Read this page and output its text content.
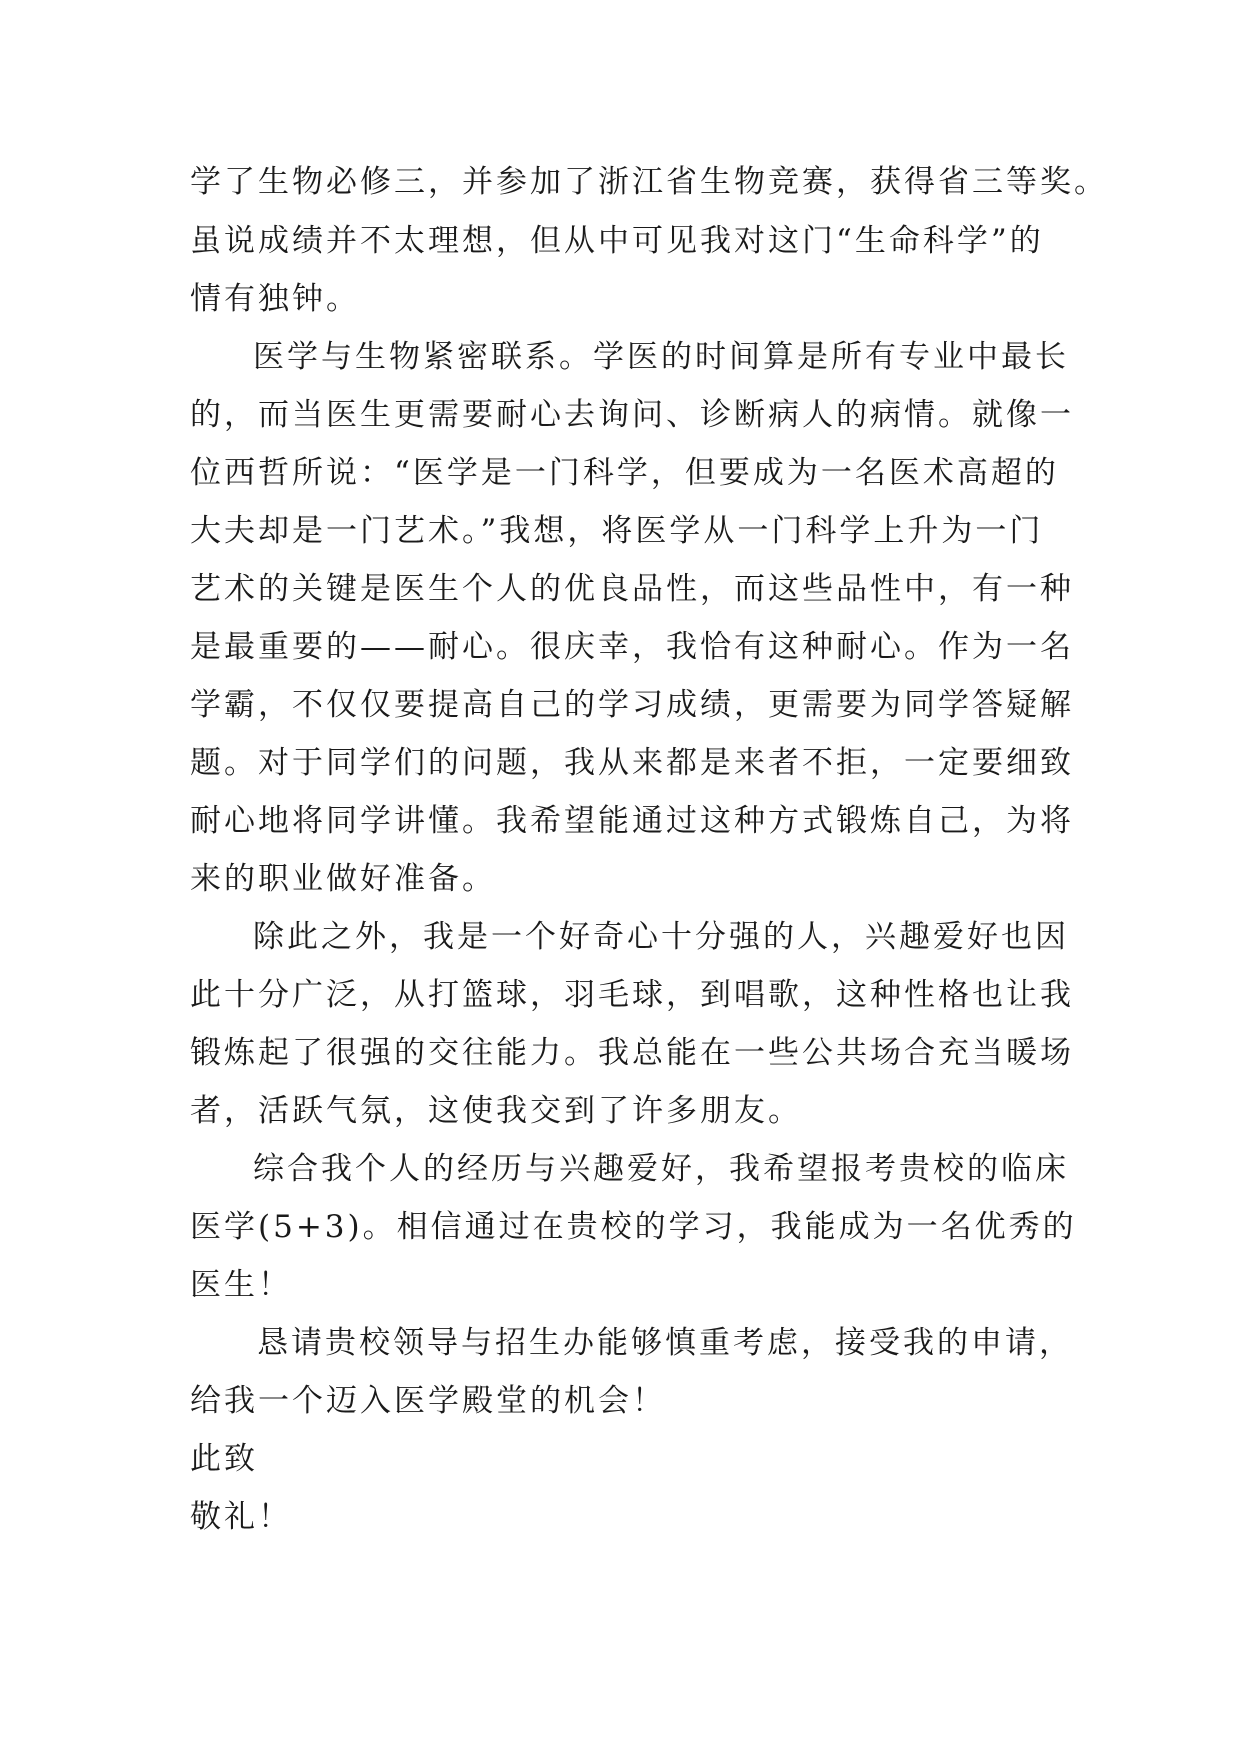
学了生物必修三，并参加了浙江省生物竞赛，获得省三等奖。
虽说成绩并不太理想，但从中可见我对这门“生命科学”的
情有独钟。
医学与生物紧密联系。学医的时间算是所有专业中最长
的，而当医生更需要耐心去询问、诊断病人的病情。就像一
位西哲所说：“医学是一门科学，但要成为一名医术高超的
大夫却是一门艺术。”我想，将医学从一门科学上升为一门
艺术的关键是医生个人的优良品性，而这些品性中，有一种
是最重要的——耐心。很庆幸，我恰有这种耐心。作为一名
学霸，不仅仅要提高自己的学习成绩，更需要为同学答疑解
题。对于同学们的问题，我从来都是来者不拒，一定要细致
耐心地将同学讲懂。我希望能通过这种方式锻炼自己，为将
来的职业做好准备。
除此之外，我是一个好奇心十分强的人，兴趣爱好也因
此十分广泛，从打篮球，羽毛球，到唱歌，这种性格也让我
锻炼起了很强的交往能力。我总能在一些公共场合充当暖场
者，活跃气氛，这使我交到了许多朋友。
综合我个人的经历与兴趣爱好，我希望报考贵校的临床
医学(5+3)。相信通过在贵校的学习，我能成为一名优秀的
医生！
恳请贵校领导与招生办能够慎重考虑，接受我的申请，
给我一个迈入医学殿堂的机会！
此致
敬礼！
